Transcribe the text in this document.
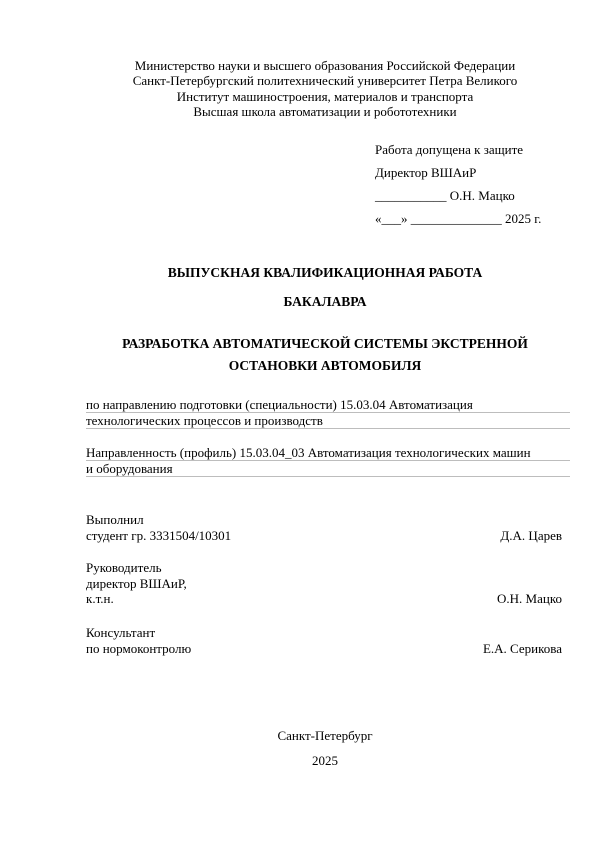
Министерство науки и высшего образования Российской Федерации
Санкт-Петербургский политехнический университет Петра Великого
Институт машиностроения, материалов и транспорта
Высшая школа автоматизации и робототехники
Работа допущена к защите
Директор ВШАиР
___________ О.Н. Мацко
«___» ______________ 2025 г.
ВЫПУСКНАЯ КВАЛИФИКАЦИОННАЯ РАБОТА
БАКАЛАВРА
РАЗРАБОТКА АВТОМАТИЧЕСКОЙ СИСТЕМЫ ЭКСТРЕННОЙ
ОСТАНОВКИ АВТОМОБИЛЯ
по направлению подготовки (специальности) 15.03.04 Автоматизация
технологических процессов и производств
Направленность (профиль) 15.03.04_03 Автоматизация технологических машин
и оборудования
Выполнил
студент гр. 3331504/10301	Д.А. Царев
Руководитель
директор ВШАиР,
к.т.н.	О.Н. Мацко
Консультант
по нормоконтролю	Е.А. Серикова
Санкт-Петербург
2025
